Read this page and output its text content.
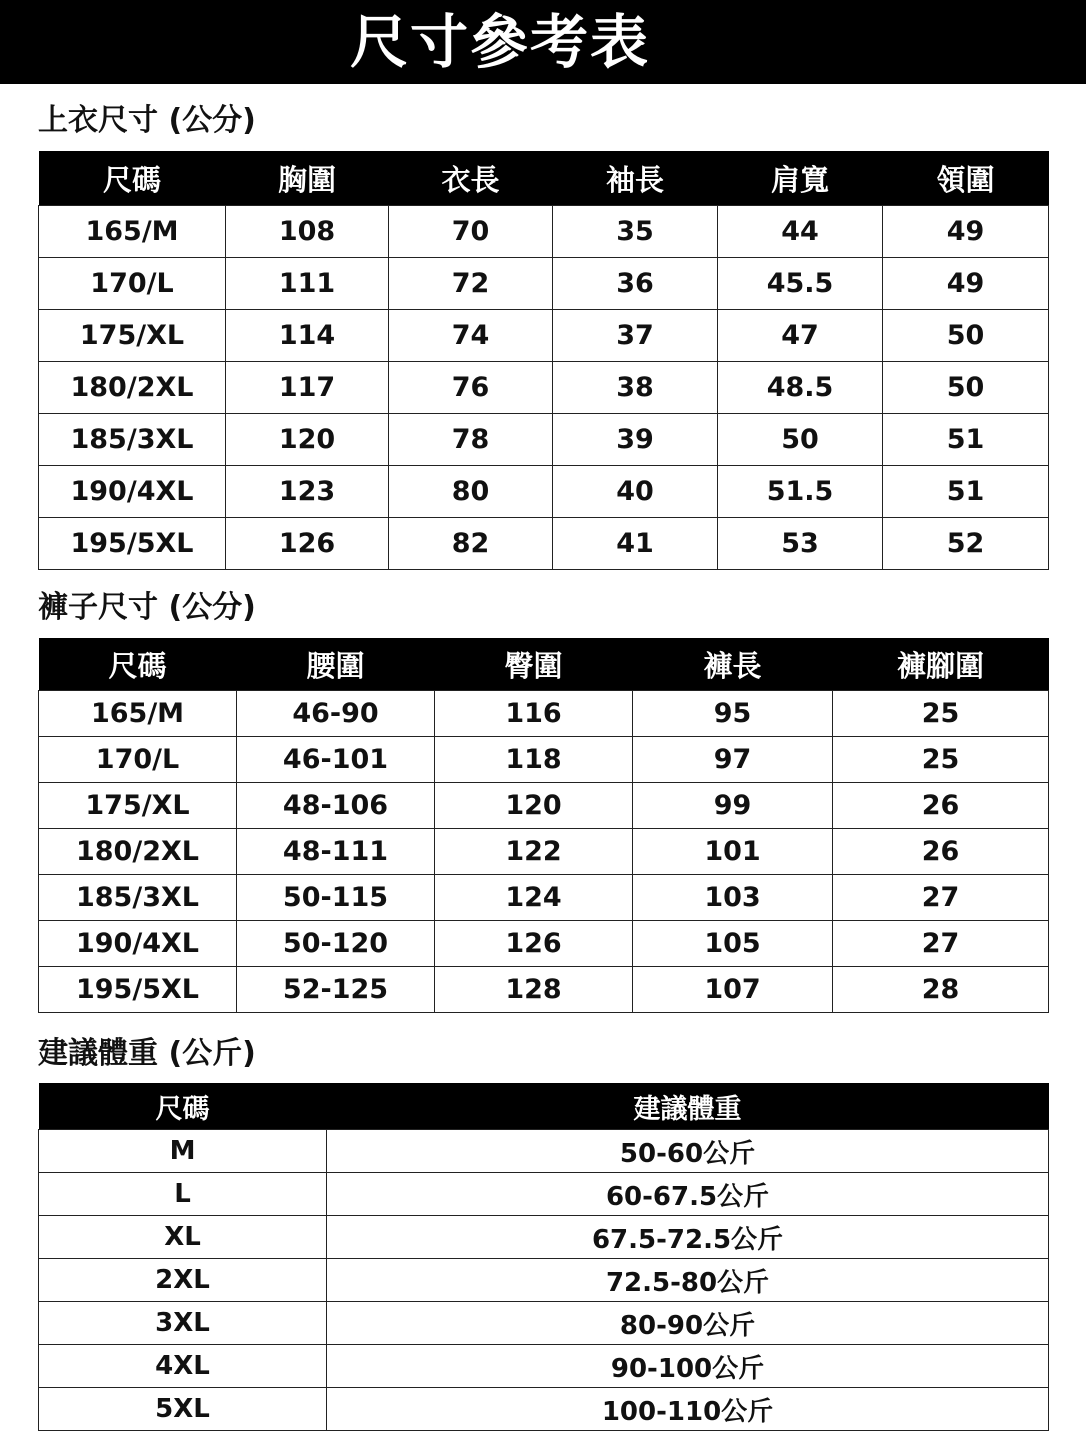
尺寸參考表
上衣尺寸 (公分)
尺碼	胸圍	衣長	袖長	肩寬	領圍
165/M	108	70	35	44	49
170/L	111	72	36	45.5	49
175/XL	114	74	37	47	50
180/2XL	117	76	38	48.5	50
185/3XL	120	78	39	50	51
190/4XL	123	80	40	51.5	51
195/5XL	126	82	41	53	52
褲子尺寸 (公分)
尺碼	腰圍	臀圍	褲長	褲腳圍
165/M	46-90	116	95	25
170/L	46-101	118	97	25
175/XL	48-106	120	99	26
180/2XL	48-111	122	101	26
185/3XL	50-115	124	103	27
190/4XL	50-120	126	105	27
195/5XL	52-125	128	107	28
建議體重 (公斤)
尺碼	建議體重
M	50-60公斤
L	60-67.5公斤
XL	67.5-72.5公斤
2XL	72.5-80公斤
3XL	80-90公斤
4XL	90-100公斤
5XL	100-110公斤
